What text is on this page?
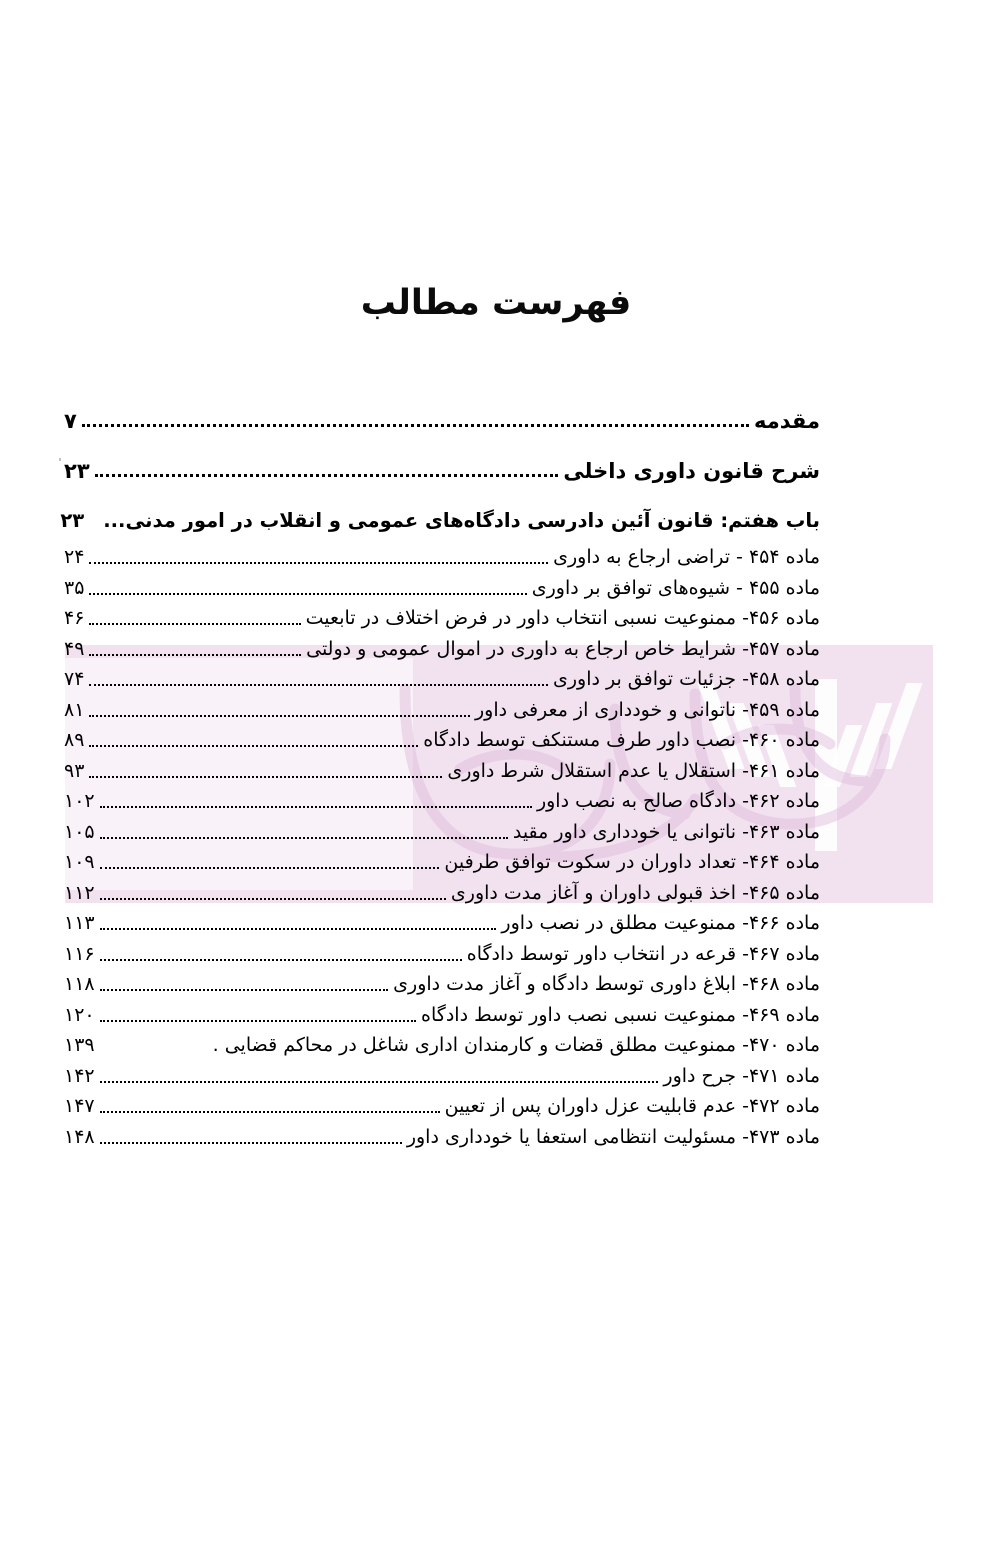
فهرست مطالب
مقدمه
۷
شرح قانون داوری داخلی
۲۳
باب هفتم: قانون آئین دادرسی دادگاه‌های عمومی و انقلاب در امور مدنی...
۲۳
ماده ۴۵۴ - تراضی ارجاع به داوری
۲۴
ماده ۴۵۵ - شیوه‌های توافق بر داوری
۳۵
ماده ۴۵۶- ممنوعیت نسبی انتخاب داور در فرض اختلاف در تابعیت
۴۶
ماده ۴۵۷- شرایط خاص ارجاع به داوری در اموال عمومی و دولتی
۴۹
ماده ۴۵۸- جزئیات توافق بر داوری
۷۴
ماده ۴۵۹- ناتوانی و خودداری از معرفی داور
۸۱
ماده ۴۶۰- نصب داور طرف مستنکف توسط دادگاه
۸۹
ماده ۴۶۱- استقلال یا عدم استقلال شرط داوری
۹۳
ماده ۴۶۲- دادگاه صالح به نصب داور
۱۰۲
ماده ۴۶۳- ناتوانی یا خودداری داور مقید
۱۰۵
ماده ۴۶۴- تعداد داوران در سکوت توافق طرفین
۱۰۹
ماده ۴۶۵- اخذ قبولی داوران و آغاز مدت داوری
۱۱۲
ماده ۴۶۶- ممنوعیت مطلق در نصب داور
۱۱۳
ماده ۴۶۷- قرعه در انتخاب داور توسط دادگاه
۱۱۶
ماده ۴۶۸- ابلاغ داوری توسط دادگاه و آغاز مدت داوری
۱۱۸
ماده ۴۶۹- ممنوعیت نسبی نصب داور توسط دادگاه
۱۲۰
ماده ۴۷۰- ممنوعیت مطلق قضات و کارمندان اداری شاغل در محاکم قضایی .
۱۳۹
ماده ۴۷۱- جرح داور
۱۴۲
ماده ۴۷۲- عدم قابلیت عزل داوران پس از تعیین
۱۴۷
ماده ۴۷۳- مسئولیت انتظامی استعفا یا خودداری داور
۱۴۸
